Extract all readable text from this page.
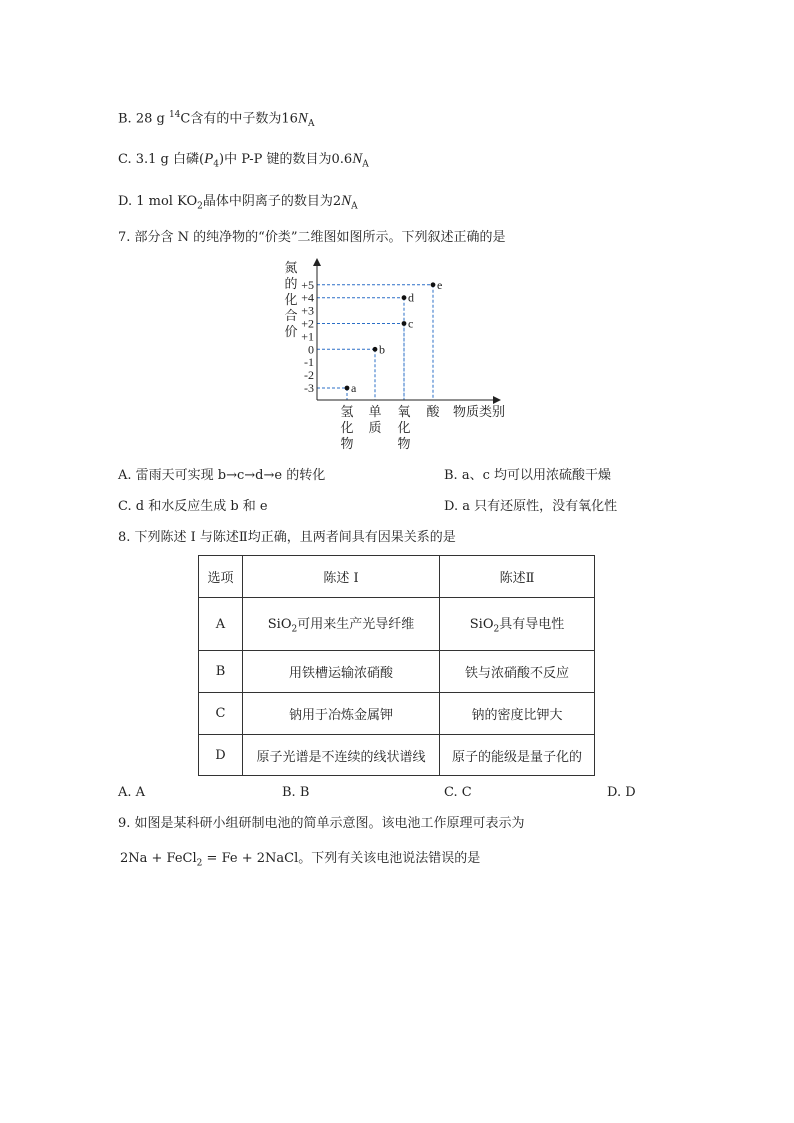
B. 28 g $^{14}$C含有的中子数为$16N_A$
C. 3.1 g 白磷$(P_4)$中 P-P 键的数目为$0.6N_A$
D. 1 mol $KO_2$晶体中阴离子的数目为$2N_A$
7. 部分含 N 的纯净物的“价类”二维图如图所示。下列叙述正确的是
氮
的
化
合
价
+5
+4
+3
+2
+1
0
-1
-2
-3
氢
化
物
单
质
氧
化
物
酸
a
b
c
d
e
物质类别
A. 雷雨天可实现 b→c→d→e 的转化	B. a、c 均可以用浓硫酸干燥
C. d 和水反应生成 b 和 e	D. a 只有还原性，没有氧化性
8. 下列陈述 I 与陈述Ⅱ均正确，且两者间具有因果关系的是
选项	陈述 I	陈述Ⅱ
A	SiO$_2$可用来生产光导纤维	SiO$_2$具有导电性
B	用铁槽运输浓硝酸	铁与浓硝酸不反应
C	钠用于冶炼金属钾	钠的密度比钾大
D	原子光谱是不连续的线状谱线	原子的能级是量子化的
A. A	B. B	C. C	D. D
9. 如图是某科研小组研制电池的简单示意图。该电池工作原理可表示为
2Na + FeCl$_2$ = Fe + 2NaCl。下列有关该电池说法错误的是
